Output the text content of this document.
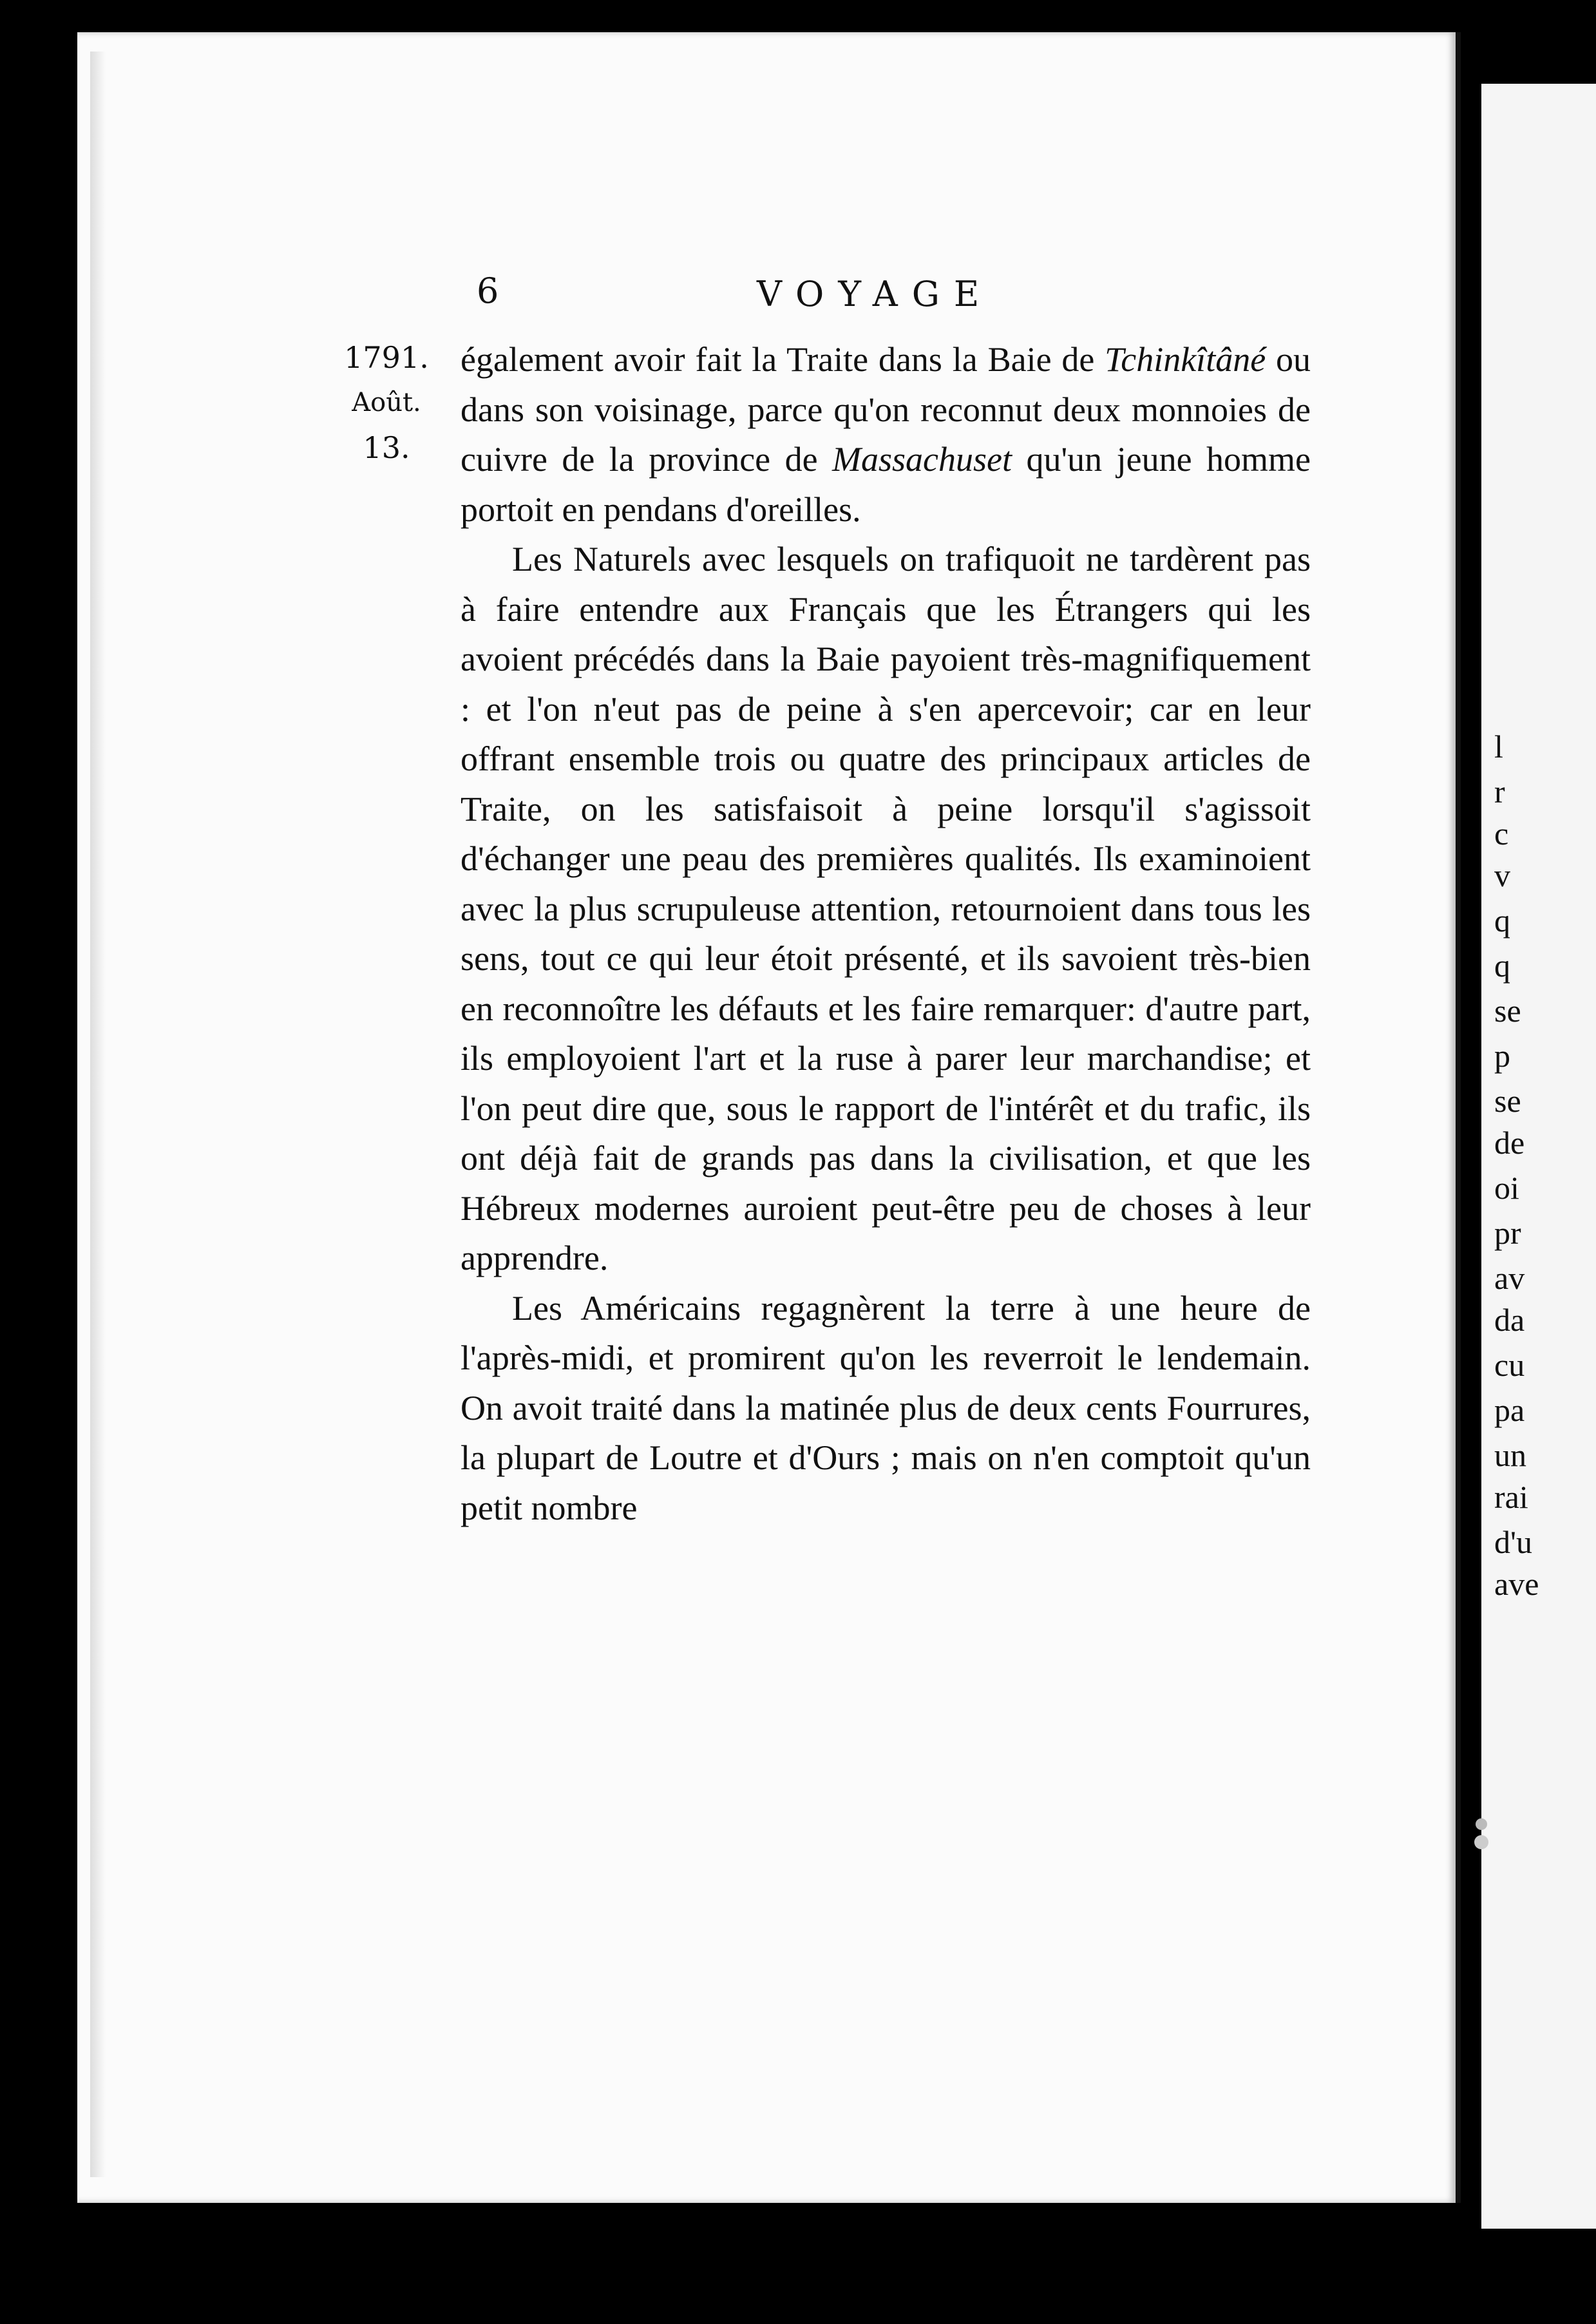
l
r
c
v
q
q
se
p
se
de
oi
pr
av
da
cu
pa
un
rai
d'u
ave
6	VOYAGE
1791.
Août.
13.

également avoir fait la Traite dans la Baie de Tchinkîtâné ou dans son voisinage, parce qu'on reconnut deux monnoies de cuivre de la province de Massachuset qu'un jeune homme portoit en pendans d'oreilles.

Les Naturels avec lesquels on trafiquoit ne tardèrent pas à faire entendre aux Français que les Étrangers qui les avoient précédés dans la Baie payoient très-magnifiquement : et l'on n'eut pas de peine à s'en apercevoir; car en leur offrant ensemble trois ou quatre des principaux articles de Traite, on les satisfaisoit à peine lorsqu'il s'agissoit d'échanger une peau des premières qualités. Ils examinoient avec la plus scrupuleuse attention, retournoient dans tous les sens, tout ce qui leur étoit présenté, et ils savoient très-bien en reconnoître les défauts et les faire remarquer: d'autre part, ils employoient l'art et la ruse à parer leur marchandise; et l'on peut dire que, sous le rapport de l'intérêt et du trafic, ils ont déjà fait de grands pas dans la civilisation, et que les Hébreux modernes auroient peut-être peu de choses à leur apprendre.

Les Américains regagnèrent la terre à une heure de l'après-midi, et promirent qu'on les reverroit le lendemain. On avoit traité dans la matinée plus de deux cents Fourrures, la plupart de Loutre et d'Ours ; mais on n'en comptoit qu'un petit nombre
